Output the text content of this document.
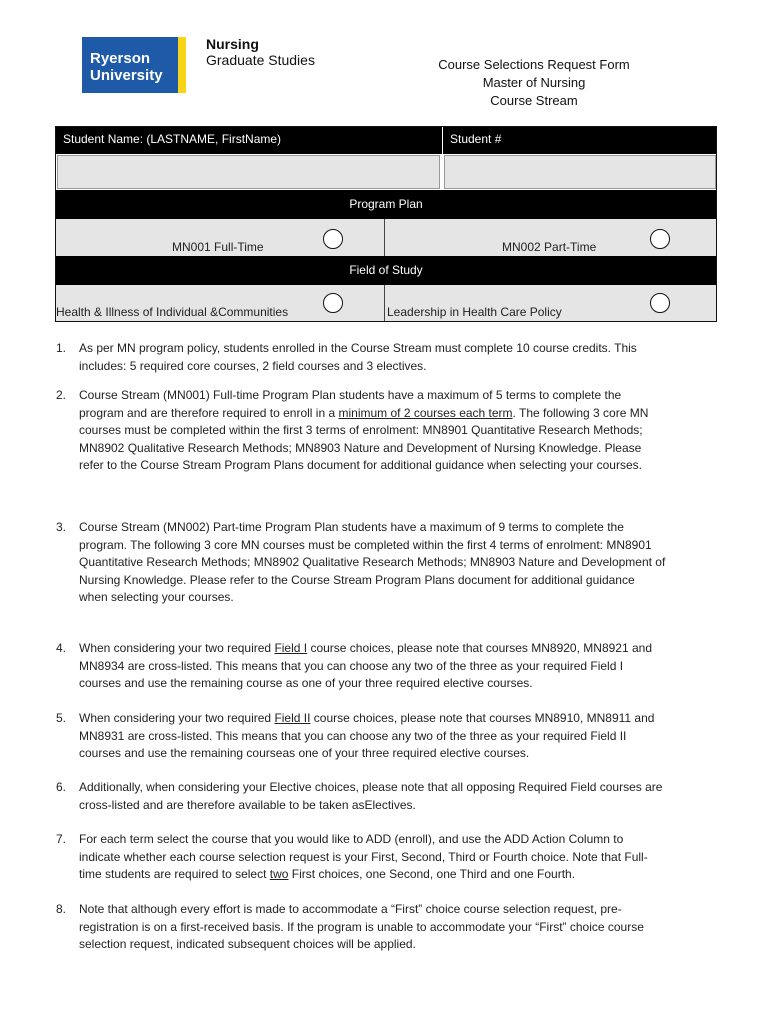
Ryerson
University
Nursing
Graduate Studies	Course Selections Request Form
Master of Nursing
Course Stream
Student Name: (LASTNAME, FirstName)	Student #
Program Plan
MN001 Full-Time	MN002 Part-Time
Field of Study
Health & Illness of Individual &Communities	Leadership in Health Care Policy
1. As per MN program policy, students enrolled in the Course Stream must complete 10 course credits. This includes: 5 required core courses, 2 field courses and 3 electives.
2. Course Stream (MN001) Full-time Program Plan students have a maximum of 5 terms to complete the program and are therefore required to enroll in a minimum of 2 courses each term. The following 3 core MN courses must be completed within the first 3 terms of enrolment: MN8901 Quantitative Research Methods; MN8902 Qualitative Research Methods; MN8903 Nature and Development of Nursing Knowledge. Please refer to the Course Stream Program Plans document for additional guidance when selecting your courses.
3. Course Stream (MN002) Part-time Program Plan students have a maximum of 9 terms to complete the program. The following 3 core MN courses must be completed within the first 4 terms of enrolment: MN8901 Quantitative Research Methods; MN8902 Qualitative Research Methods; MN8903 Nature and Development of Nursing Knowledge. Please refer to the Course Stream Program Plans document for additional guidance when selecting your courses.
4. When considering your two required Field I course choices, please note that courses MN8920, MN8921 and MN8934 are cross-listed. This means that you can choose any two of the three as your required Field I courses and use the remaining course as one of your three required elective courses.
5. When considering your two required Field II course choices, please note that courses MN8910, MN8911 and MN8931 are cross-listed. This means that you can choose any two of the three as your required Field II courses and use the remaining courseas one of your three required elective courses.
6. Additionally, when considering your Elective choices, please note that all opposing Required Field courses are cross-listed and are therefore available to be taken asElectives.
7. For each term select the course that you would like to ADD (enroll), and use the ADD Action Column to indicate whether each course selection request is your First, Second, Third or Fourth choice. Note that Full-time students are required to select two First choices, one Second, one Third and one Fourth.
8. Note that although every effort is made to accommodate a “First” choice course selection request, pre-registration is on a first-received basis. If the program is unable to accommodate your “First” choice course selection request, indicated subsequent choices will be applied.
